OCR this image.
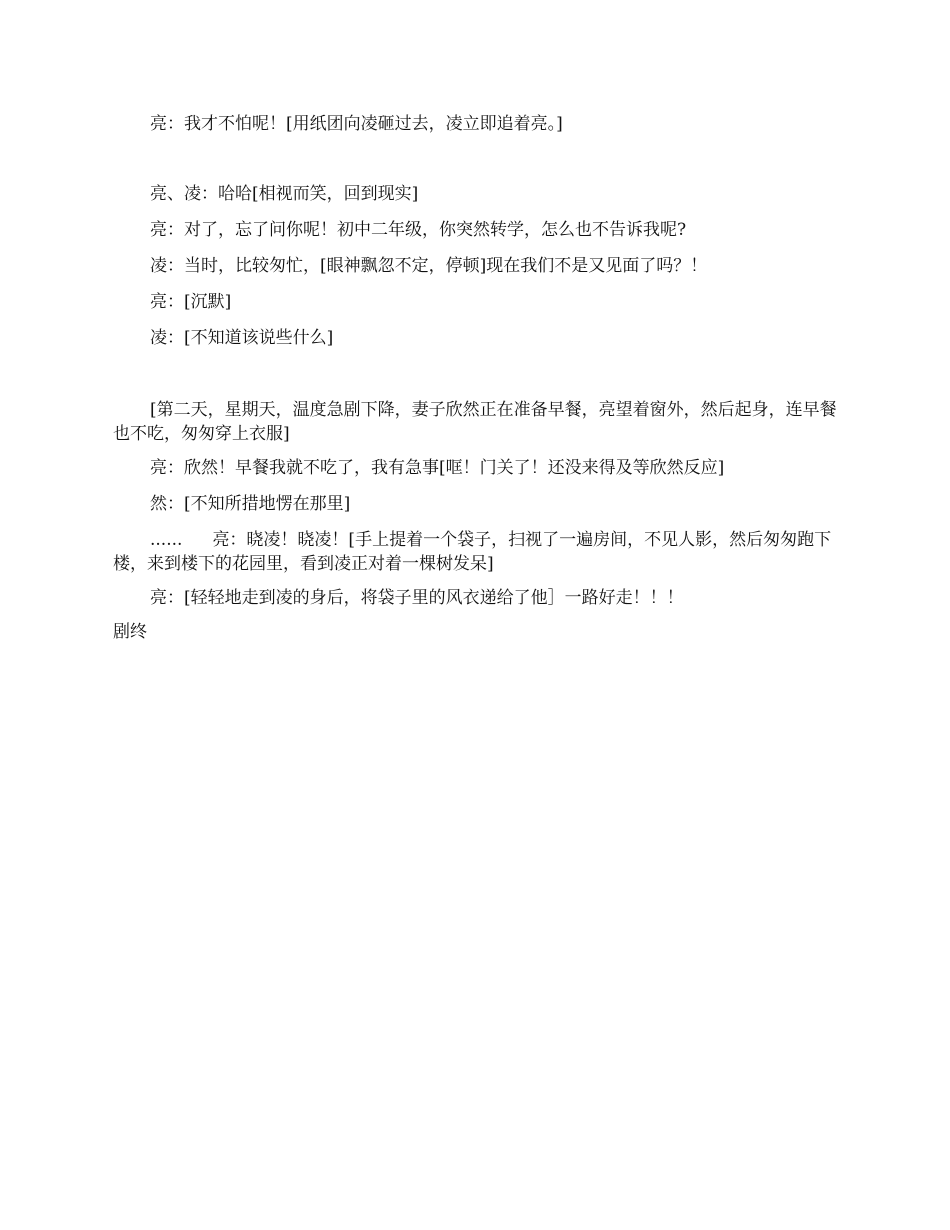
亮：我才不怕呢！[用纸团向凌砸过去，凌立即追着亮。]

亮、凌：哈哈[相视而笑，回到现实]

亮：对了，忘了问你呢！初中二年级，你突然转学，怎么也不告诉我呢?

凌：当时，比较匆忙，[眼神飘忽不定，停顿]现在我们不是又见面了吗？！

亮：[沉默]

凌：[不知道该说些什么]

[第二天，星期天，温度急剧下降，妻子欣然正在准备早餐，亮望着窗外，然后起身，连早餐也不吃，匆匆穿上衣服]

亮：欣然！早餐我就不吃了，我有急事[哐！门关了！还没来得及等欣然反应]

然：[不知所措地愣在那里]

...... 亮：晓凌！晓凌！[手上提着一个袋子，扫视了一遍房间，不见人影，然后匆匆跑下楼，来到楼下的花园里，看到凌正对着一棵树发呆]

亮：[轻轻地走到凌的身后，将袋子里的风衣递给了他］一路好走！！！

剧终
